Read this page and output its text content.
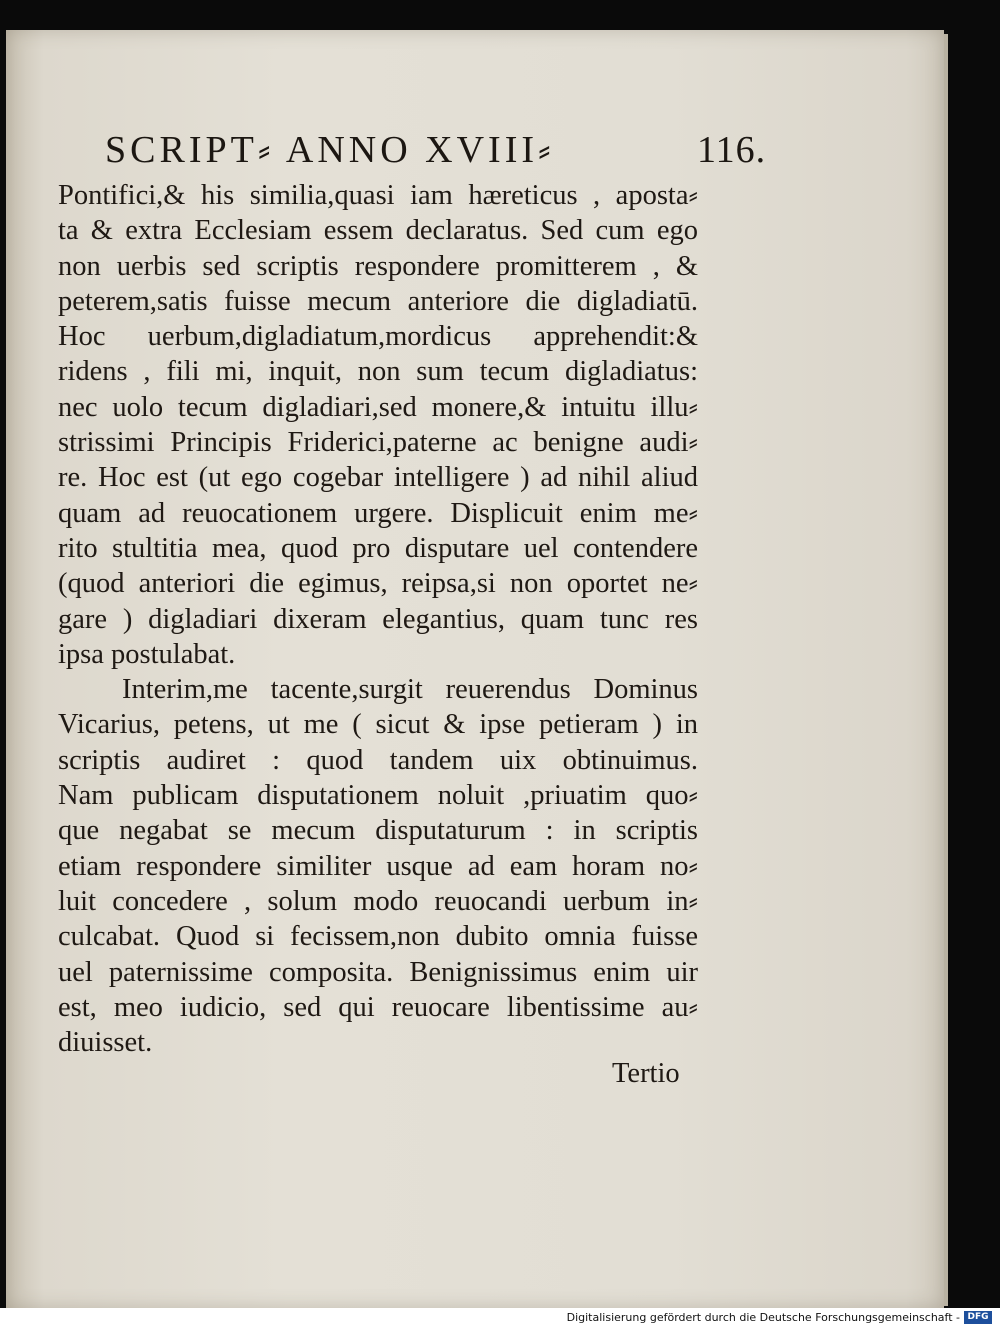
SCRIPT⸗ ANNO XVIII⸗	116.
Pontifici,& his similia,quasi iam hæreticus , aposta⸗
ta & extra Ecclesiam essem declaratus. Sed cum ego
non uerbis sed scriptis respondere promitterem , &
peterem,satis fuisse mecum anteriore die digladiatū.
Hoc uerbum,digladiatum,mordicus apprehendit:&
ridens , fili mi, inquit, non sum tecum digladiatus:
nec uolo tecum digladiari,sed monere,& intuitu illu⸗
strissimi Principis Friderici,paterne ac benigne audi⸗
re. Hoc est (ut ego cogebar intelligere ) ad nihil aliud
quam ad reuocationem urgere. Displicuit enim me⸗
rito stultitia mea, quod pro disputare uel contendere
(quod anteriori die egimus, reipsa,si non oportet ne⸗
gare ) digladiari dixeram elegantius, quam tunc res
ipsa postulabat.
Interim,me tacente,surgit reuerendus Dominus
Vicarius, petens, ut me ( sicut & ipse petieram ) in
scriptis audiret : quod tandem uix obtinuimus.
Nam publicam disputationem noluit ,priuatim quo⸗
que negabat se mecum disputaturum : in scriptis
etiam respondere similiter usque ad eam horam no⸗
luit concedere , solum modo reuocandi uerbum in⸗
culcabat. Quod si fecissem,non dubito omnia fuisse
uel paternissime composita. Benignissimus enim uir
est, meo iudicio, sed qui reuocare libentissime au⸗
diuisset.
Tertio
Digitalisierung gefördert durch die Deutsche Forschungsgemeinschaft - DFG
